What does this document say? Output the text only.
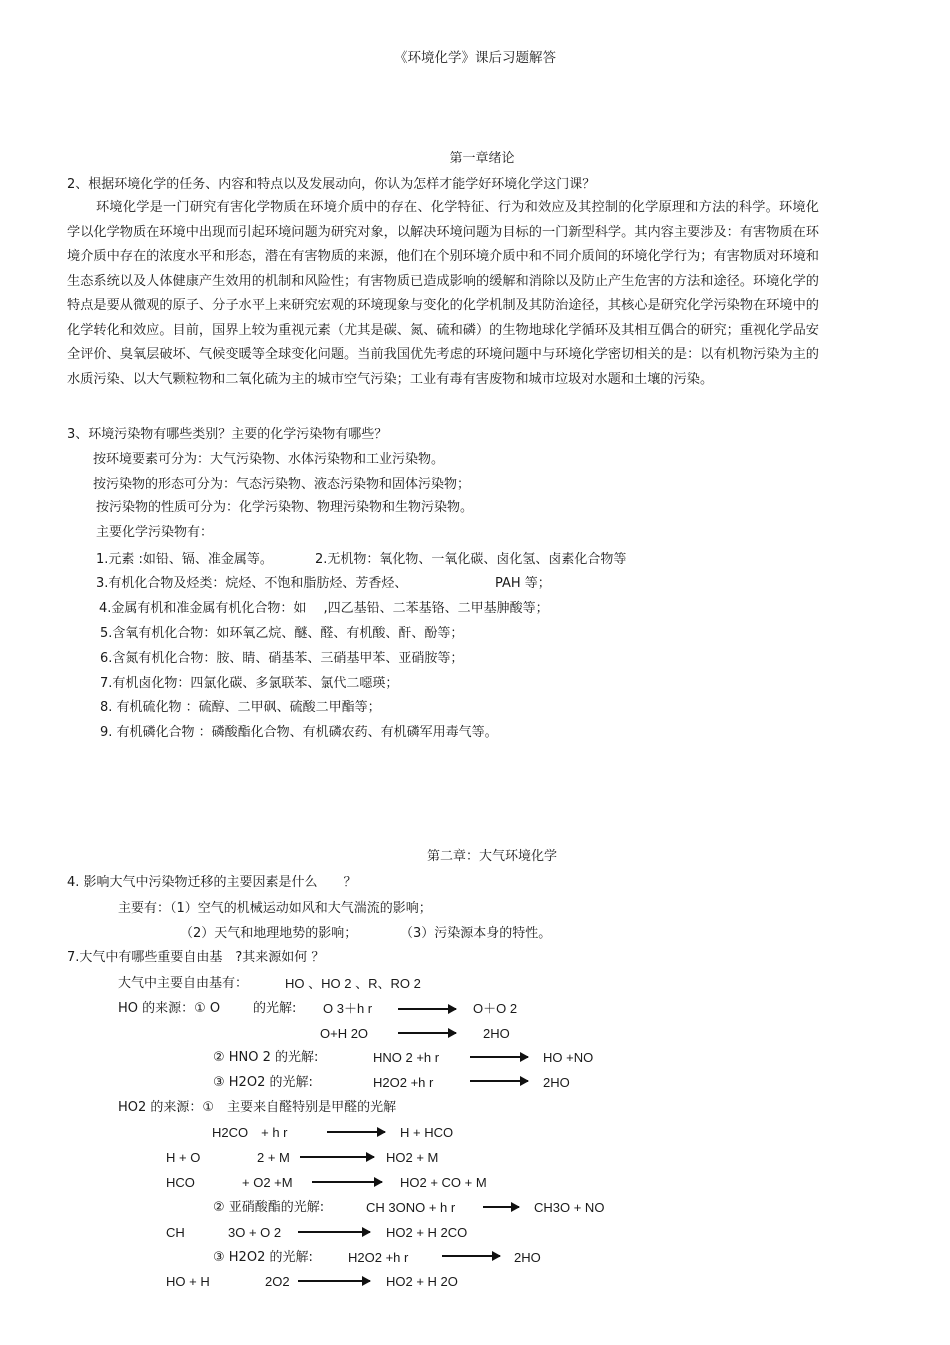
《环境化学》课后习题解答
第一章绪论
2、根据环境化学的任务、内容和特点以及发展动向，你认为怎样才能学好环境化学这门课？

环境化学是一门研究有害化学物质在环境介质中的存在、化学特征、行为和效应及其控制的化学原理和方法的科学。环境化学以化学物质在环境中出现而引起环境问题为研究对象，以解决环境问题为目标的一门新型科学。其内容主要涉及：有害物质在环境介质中存在的浓度水平和形态，潜在有害物质的来源，他们在个别环境介质中和不同介质间的环境化学行为；有害物质对环境和生态系统以及人体健康产生效用的机制和风险性；有害物质已造成影响的缓解和消除以及防止产生危害的方法和途径。环境化学的特点是要从微观的原子、分子水平上来研究宏观的环境现象与变化的化学机制及其防治途径，其核心是研究化学污染物在环境中的化学转化和效应。目前，国界上较为重视元素（尤其是碳、氮、硫和磷）的生物地球化学循环及其相互偶合的研究；重视化学品安全评价、臭氧层破坏、气候变暖等全球变化问题。当前我国优先考虑的环境问题中与环境化学密切相关的是：以有机物污染为主的水质污染、以大气颗粒物和二氧化硫为主的城市空气污染；工业有毒有害废物和城市垃圾对水题和土壤的污染。

3、环境污染物有哪些类别？主要的化学污染物有哪些？
按环境要素可分为：大气污染物、水体污染物和工业污染物。
按污染物的形态可分为：气态污染物、液态污染物和固体污染物；
按污染物的性质可分为：化学污染物、物理污染物和生物污染物。
主要化学污染物有：
1.元素 :如铅、镉、准金属等。	2.无机物：氧化物、一氧化碳、卤化氢、卤素化合物等
3.有机化合物及烃类：烷烃、不饱和脂肪烃、芳香烃、	PAH 等；
4.金属有机和准金属有机化合物：如　 ,四乙基铅、二苯基铬、二甲基胂酸等；
5.含氧有机化合物：如环氧乙烷、醚、醛、有机酸、酐、酚等；
6.含氮有机化合物：胺、睛、硝基苯、三硝基甲苯、亚硝胺等；
7.有机卤化物：四氯化碳、多氯联苯、氯代二噁瑛；
8. 有机硫化物 ：硫醇、二甲砜、硫酸二甲酯等；
9. 有机磷化合物 ：磷酸酯化合物、有机磷农药、有机磷军用毒气等。
第二章：大气环境化学
4. 影响大气中污染物迁移的主要因素是什么　　？
主要有：（1）空气的机械运动如风和大气湍流的影响；
（2）天气和地理地势的影响；	（3）污染源本身的特性。
7.大气中有哪些重要自由基　?其来源如何 ？
大气中主要自由基有：	HO 、HO 2 、R、RO 2
HO 的来源：① O	的光解: O 3＋h r	O＋O 2
O+H 2O	2HO
② HNO 2 的光解:	HNO 2 +h r	HO +NO
③ H2O2 的光解:	H2O2 +h r	2HO
HO2 的来源：①　主要来自醛特别是甲醛的光解
H2CO　+ h r	H + HCO
H + O	2 + M	HO2 + M
HCO	+ O2 +M	HO2 + CO + M
② 亚硝酸酯的光解:	CH 3ONO + h r	CH3O + NO
CH	3O + O 2	HO2 + H 2CO
③ H2O2 的光解:	H2O2 +h r	2HO
HO + H	2O2	HO2 + H 2O
